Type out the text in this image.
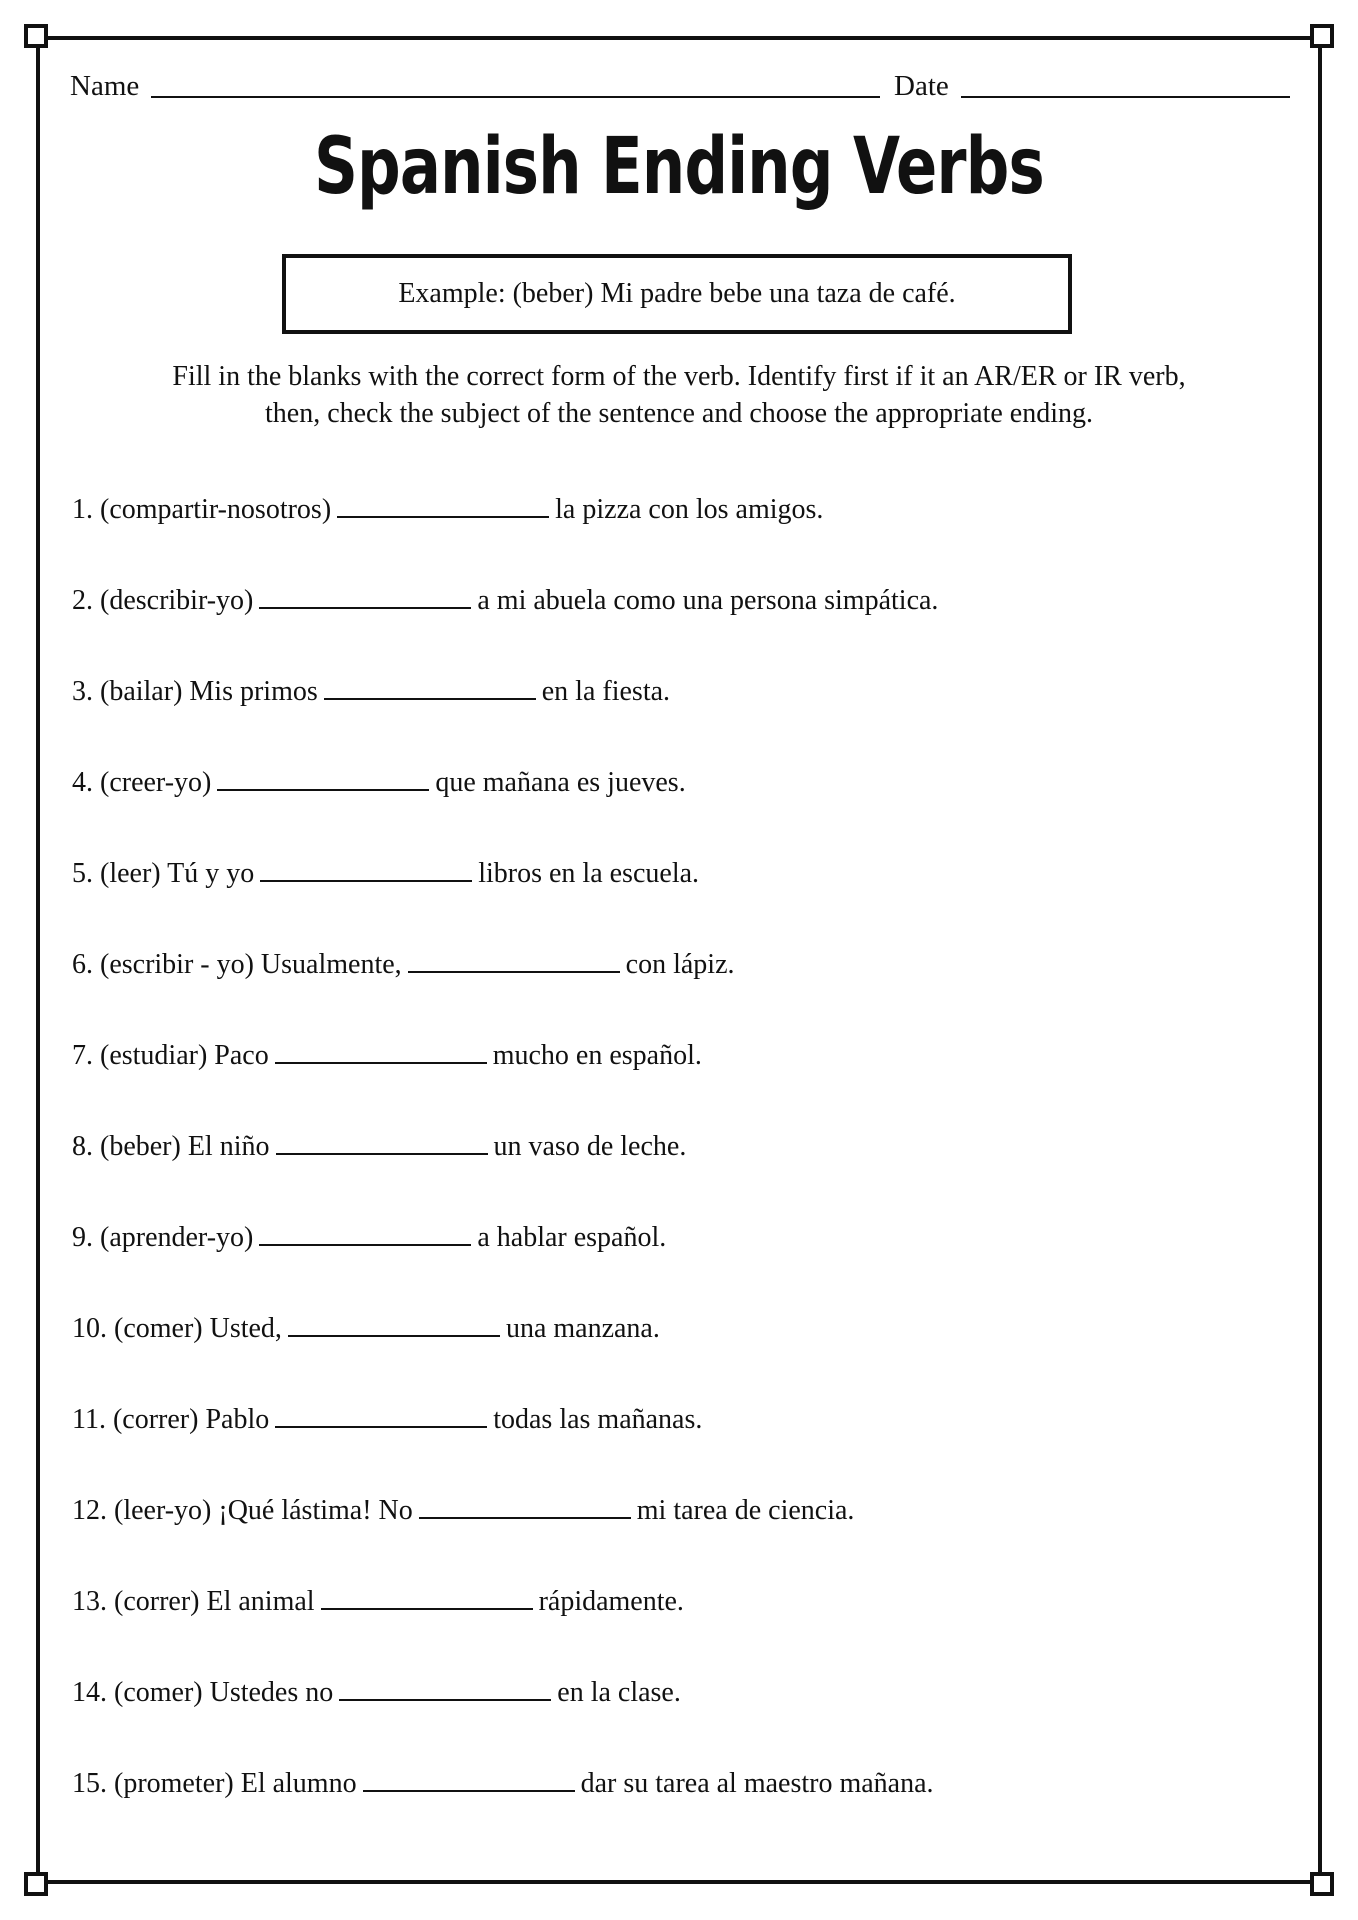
Name	Date
Spanish Ending Verbs
Example: (beber) Mi padre bebe una taza de café.
Fill in the blanks with the correct form of the verb. Identify first if it an AR/ER or IR verb,
then, check the subject of the sentence and choose the appropriate ending.
1. (compartir-nosotros)	la pizza con los amigos.
2. (describir-yo)	a mi abuela como una persona simpática.
3. (bailar) Mis primos	en la fiesta.
4. (creer-yo)	que mañana es jueves.
5. (leer) Tú y yo	libros en la escuela.
6. (escribir - yo) Usualmente,	con lápiz.
7. (estudiar) Paco	mucho en español.
8. (beber) El niño	un vaso de leche.
9. (aprender-yo)	a hablar español.
10. (comer) Usted,	una manzana.
11. (correr) Pablo	todas las mañanas.
12. (leer-yo) ¡Qué lástima! No	mi tarea de ciencia.
13. (correr) El animal	rápidamente.
14. (comer) Ustedes no	en la clase.
15. (prometer) El alumno	dar su tarea al maestro mañana.
